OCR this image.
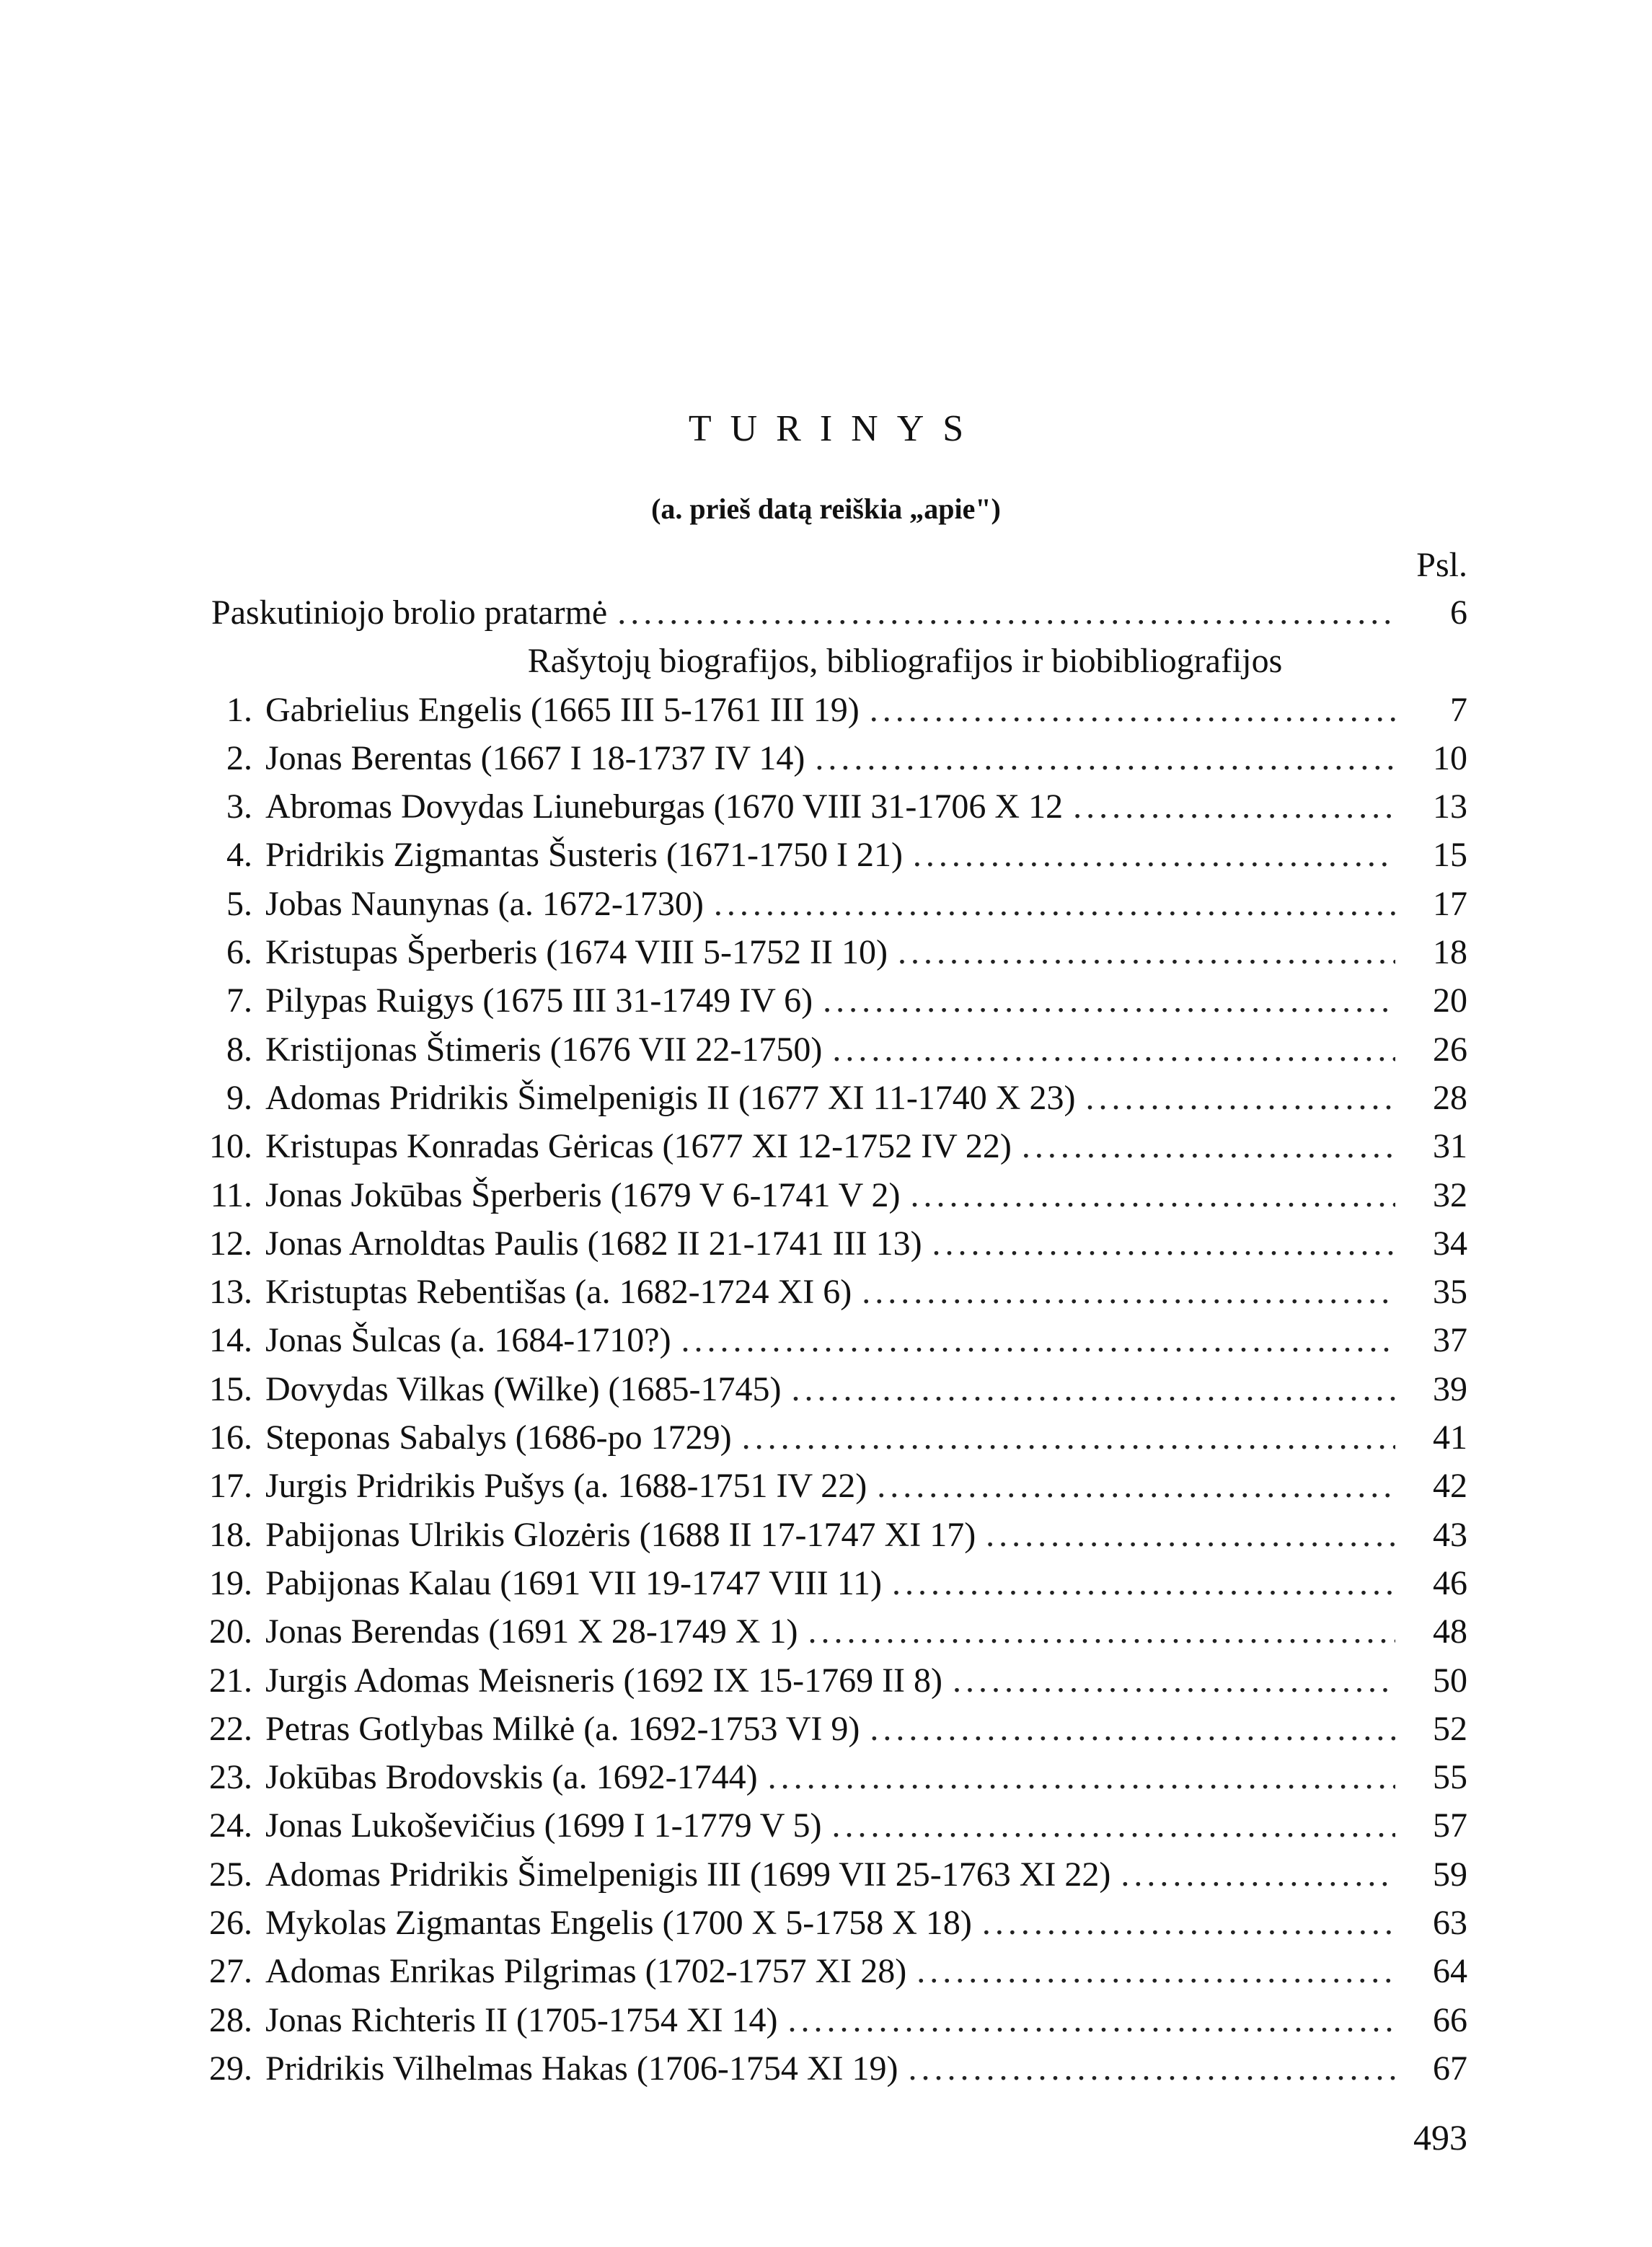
TURINYS
(a. prieš datą reiškia „apie")
Psl.
Paskutiniojo brolio pratarmė .....	6
Rašytojų biografijos, bibliografijos ir biobibliografijos
1. Gabrielius Engelis (1665 III 5-1761 III 19) .....	7
2. Jonas Berentas (1667 I 18-1737 IV 14) .....	10
3. Abromas Dovydas Liuneburgas (1670 VIII 31-1706 X 12 .....	13
4. Pridrikis Zigmantas Šusteris (1671-1750 I 21) .....	15
5. Jobas Naunynas (a. 1672-1730) .....	17
6. Kristupas Šperberis (1674 VIII 5-1752 II 10) .....	18
7. Pilypas Ruigys (1675 III 31-1749 IV 6) .....	20
8. Kristijonas Štimeris (1676 VII 22-1750) .....	26
9. Adomas Pridrikis Šimelpenigis II (1677 XI 11-1740 X 23) .....	28
10. Kristupas Konradas Gėricas (1677 XI 12-1752 IV 22) .....	31
11. Jonas Jokūbas Šperberis (1679 V 6-1741 V 2) .....	32
12. Jonas Arnoldtas Paulis (1682 II 21-1741 III 13) .....	34
13. Kristuptas Rebentišas (a. 1682-1724 XI 6) .....	35
14. Jonas Šulcas (a. 1684-1710?) .....	37
15. Dovydas Vilkas (Wilke) (1685-1745) .....	39
16. Steponas Sabalys (1686-po 1729) .....	41
17. Jurgis Pridrikis Pušys (a. 1688-1751 IV 22) .....	42
18. Pabijonas Ulrikis Glozėris (1688 II 17-1747 XI 17) .....	43
19. Pabijonas Kalau (1691 VII 19-1747 VIII 11) .....	46
20. Jonas Berendas (1691 X 28-1749 X 1) .....	48
21. Jurgis Adomas Meisneris (1692 IX 15-1769 II 8) .....	50
22. Petras Gotlybas Milkė (a. 1692-1753 VI 9) .....	52
23. Jokūbas Brodovskis (a. 1692-1744) .....	55
24. Jonas Lukoševičius (1699 I 1-1779 V 5) .....	57
25. Adomas Pridrikis Šimelpenigis III (1699 VII 25-1763 XI 22) .....	59
26. Mykolas Zigmantas Engelis (1700 X 5-1758 X 18) .....	63
27. Adomas Enrikas Pilgrimas (1702-1757 XI 28) .....	64
28. Jonas Richteris II (1705-1754 XI 14) .....	66
29. Pridrikis Vilhelmas Hakas (1706-1754 XI 19) .....	67
493
